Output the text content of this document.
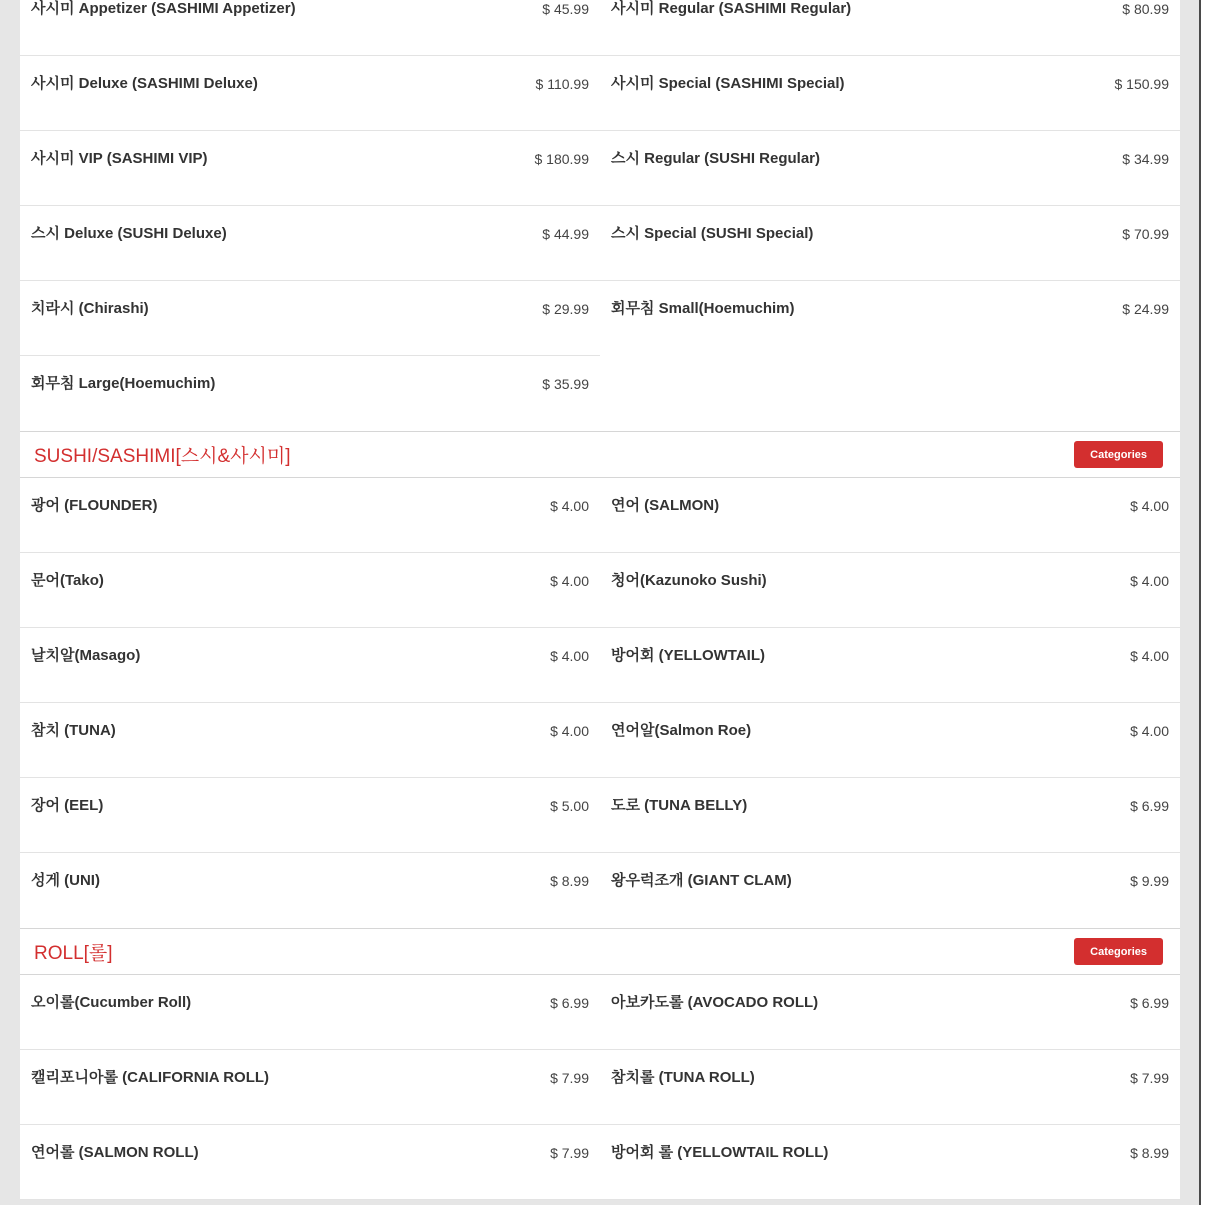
사시미 Appetizer (SASHIMI Appetizer)	$ 45.99 사시미 Regular (SASHIMI Regular)	$ 80.99
사시미 Deluxe (SASHIMI Deluxe)	$ 110.99 사시미 Special (SASHIMI Special)	$ 150.99
사시미 VIP (SASHIMI VIP)	$ 180.99 스시 Regular (SUSHI Regular)	$ 34.99
스시 Deluxe (SUSHI Deluxe)	$ 44.99 스시 Special (SUSHI Special)	$ 70.99
치라시 (Chirashi)	$ 29.99 회무침 Small(Hoemuchim)	$ 24.99
회무침 Large(Hoemuchim)	$ 35.99
SUSHI/SASHIMI[스시&사시미]	Categories
광어 (FLOUNDER)	$ 4.00 연어 (SALMON)	$ 4.00
문어(Tako)	$ 4.00 청어(Kazunoko Sushi)	$ 4.00
날치알(Masago)	$ 4.00 방어회 (YELLOWTAIL)	$ 4.00
참치 (TUNA)	$ 4.00 연어알(Salmon Roe)	$ 4.00
장어 (EEL)	$ 5.00 도로 (TUNA BELLY)	$ 6.99
성게 (UNI)	$ 8.99 왕우럭조개 (GIANT CLAM)	$ 9.99
ROLL[롤]	Categories
오이롤(Cucumber Roll)	$ 6.99 아보카도롤 (AVOCADO ROLL)	$ 6.99
캘리포니아롤 (CALIFORNIA ROLL)	$ 7.99 참치롤 (TUNA ROLL)	$ 7.99
연어롤 (SALMON ROLL)	$ 7.99 방어회 롤 (YELLOWTAIL ROLL)	$ 8.99
